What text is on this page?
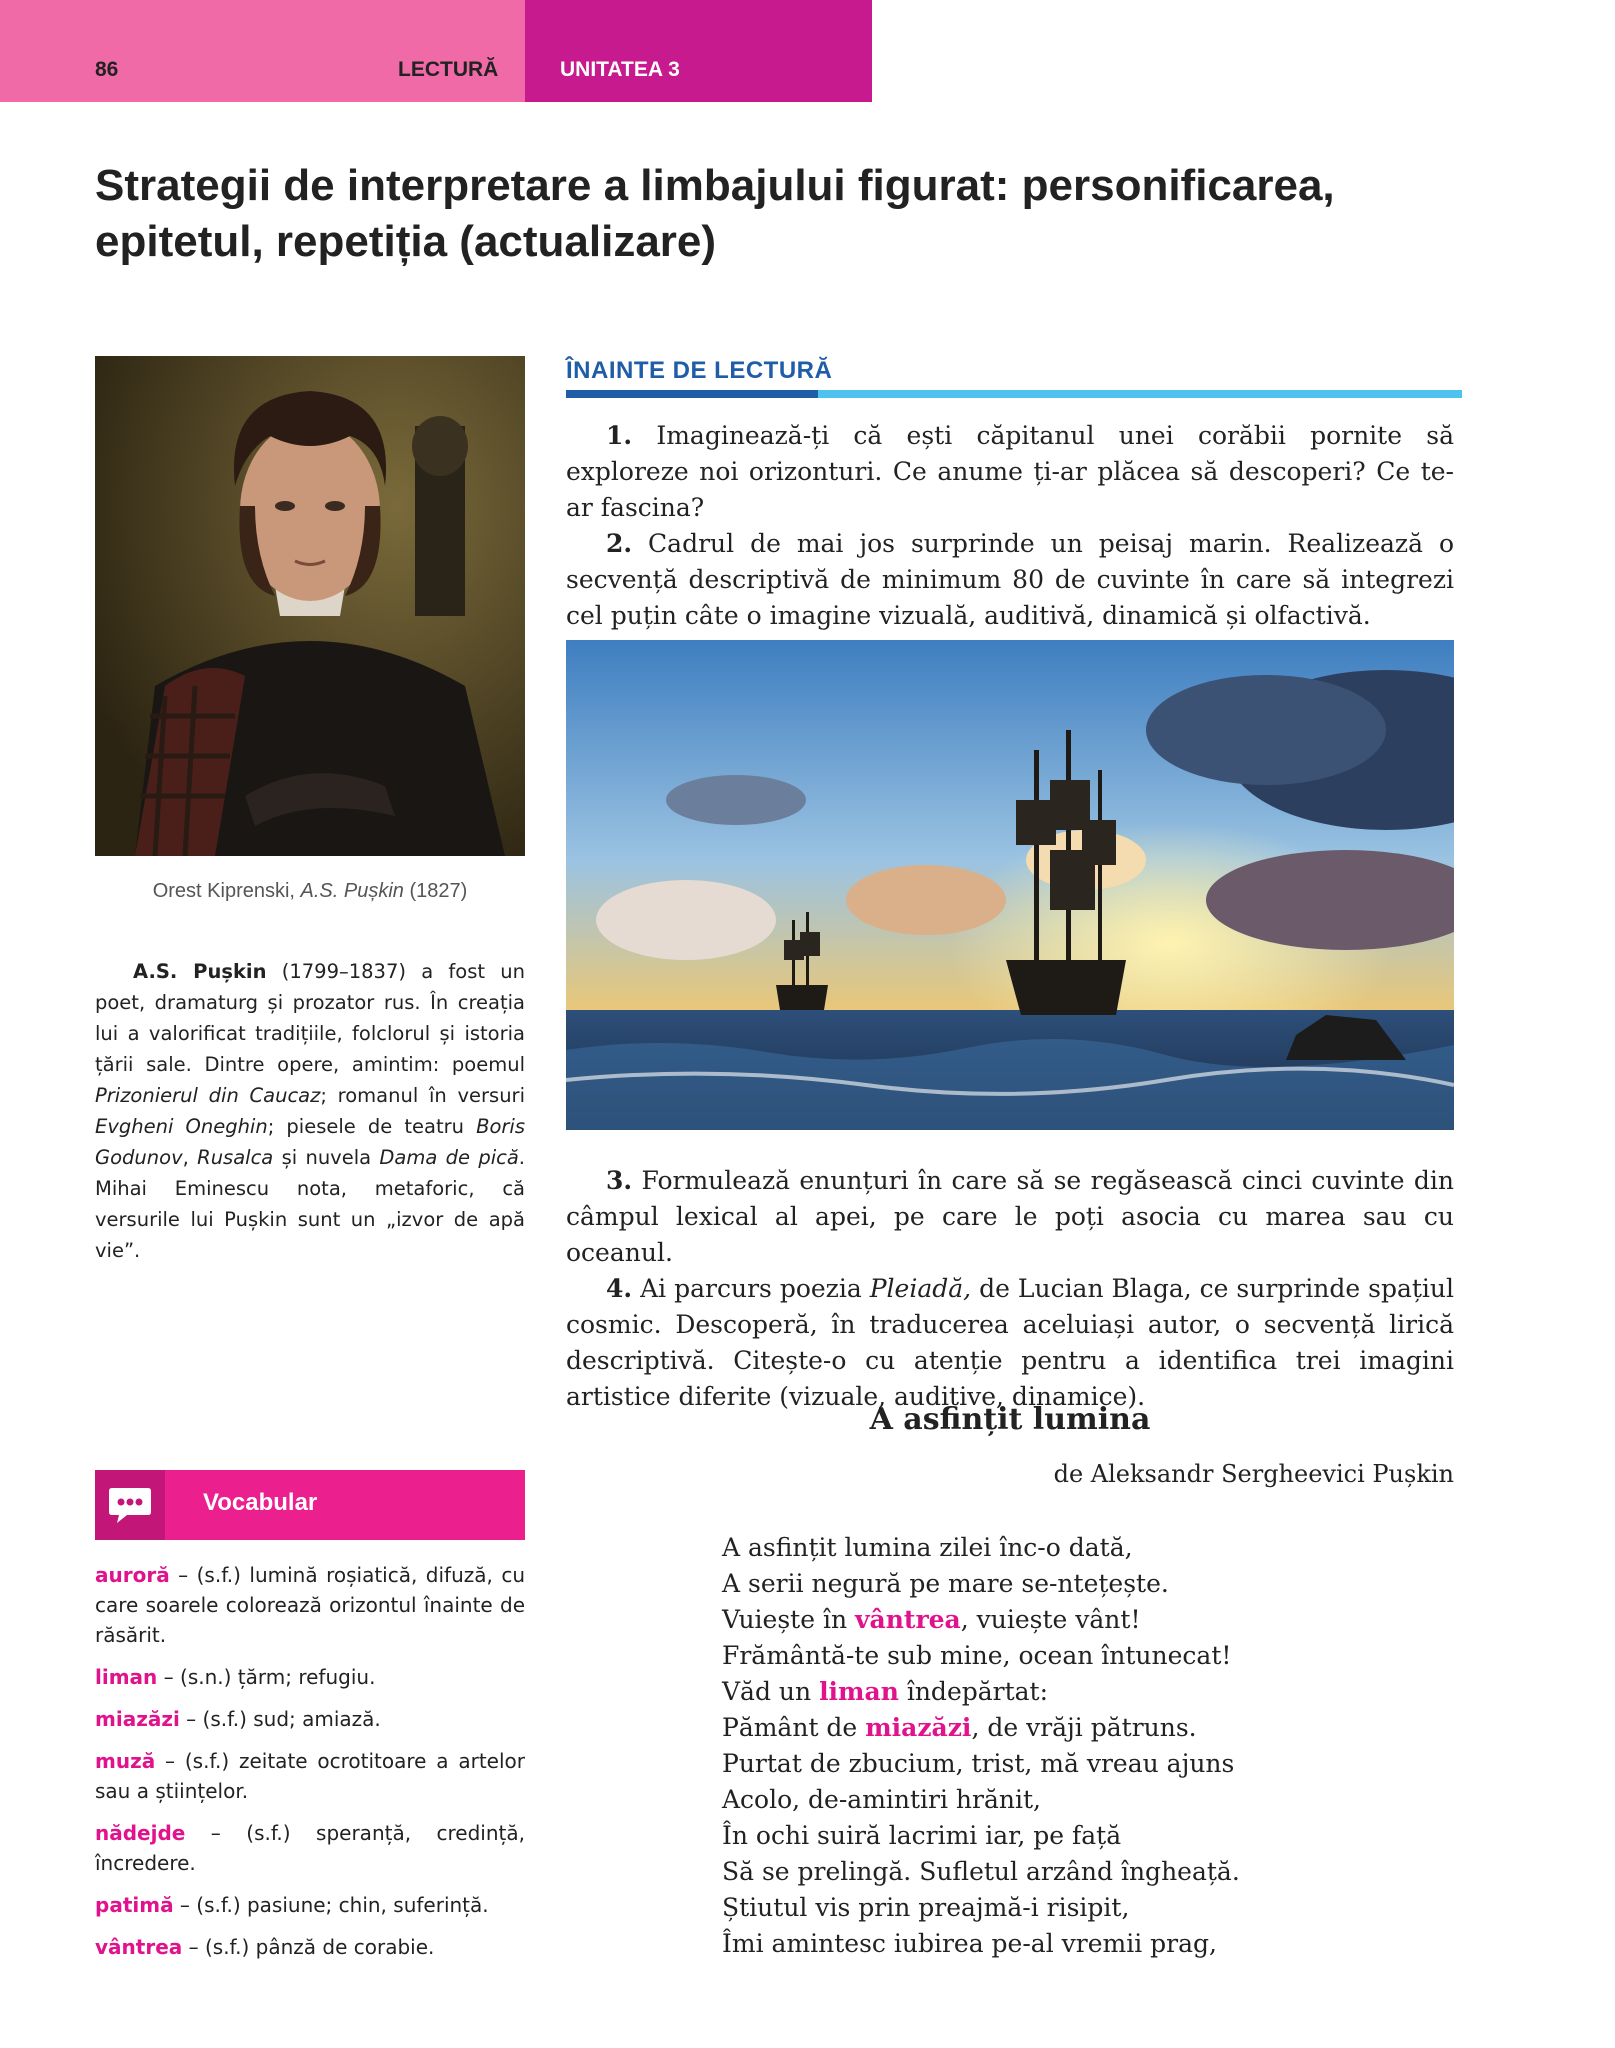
86	LECTURĂ	UNITATEA 3
Strategii de interpretare a limbajului figurat: personificarea, epitetul, repetiția (actualizare)
Orest Kiprenski, A.S. Pușkin (1827)
A.S. Pușkin (1799–1837) a fost un poet, dramaturg și prozator rus. În creația lui a valorificat tradițiile, folclorul și istoria țării sale. Dintre opere, amintim: poemul Prizonierul din Caucaz; romanul în versuri Evgheni Oneghin; piesele de teatru Boris Godunov, Rusalca și nuvela Dama de pică. Mihai Eminescu nota, metaforic, că versurile lui Pușkin sunt un „izvor de apă vie”.
ÎNAINTE DE LECTURĂ

1. Imaginează-ți că ești căpitanul unei corăbii pornite să exploreze noi orizonturi. Ce anume ți-ar plăcea să descoperi? Ce te-ar fascina?

2. Cadrul de mai jos surprinde un peisaj marin. Realizează o secvență descriptivă de minimum 80 de cuvinte în care să integrezi cel puțin câte o imagine vizuală, auditivă, dinamică și olfactivă.

3. Formulează enunțuri în care să se regăsească cinci cuvinte din câmpul lexical al apei, pe care le poți asocia cu marea sau cu oceanul.

4. Ai parcurs poezia Pleiadă, de Lucian Blaga, ce surprinde spațiul cosmic. Descoperă, în traducerea aceluiași autor, o secvență lirică descriptivă. Citește-o cu atenție pentru a identifica trei imagini artistice diferite (vizuale, auditive, dinamice).

A asfințit lumina
de Aleksandr Sergheevici Pușkin
A asfințit lumina zilei înc-o dată,
A serii negură pe mare se-ntețește.
Vuiește în vântrea, vuiește vânt!
Frământă-te sub mine, ocean întunecat!
Văd un liman îndepărtat:
Pământ de miazăzi, de vrăji pătruns.
Purtat de zbucium, trist, mă vreau ajuns
Acolo, de-amintiri hrănit,
În ochi suiră lacrimi iar, pe față
Să se prelingă. Sufletul arzând îngheață.
Știutul vis prin preajmă-i risipit,
Îmi amintesc iubirea pe-al vremii prag,
Vocabular
auroră – (s.f.) lumină roșiatică, difuză, cu care soarele colorează orizontul înainte de răsărit.
liman – (s.n.) țărm; refugiu.
miazăzi – (s.f.) sud; amiază.
muză – (s.f.) zeitate ocrotitoare a artelor sau a științelor.
nădejde – (s.f.) speranță, credință, încredere.
patimă – (s.f.) pasiune; chin, suferință.
vântrea – (s.f.) pânză de corabie.
